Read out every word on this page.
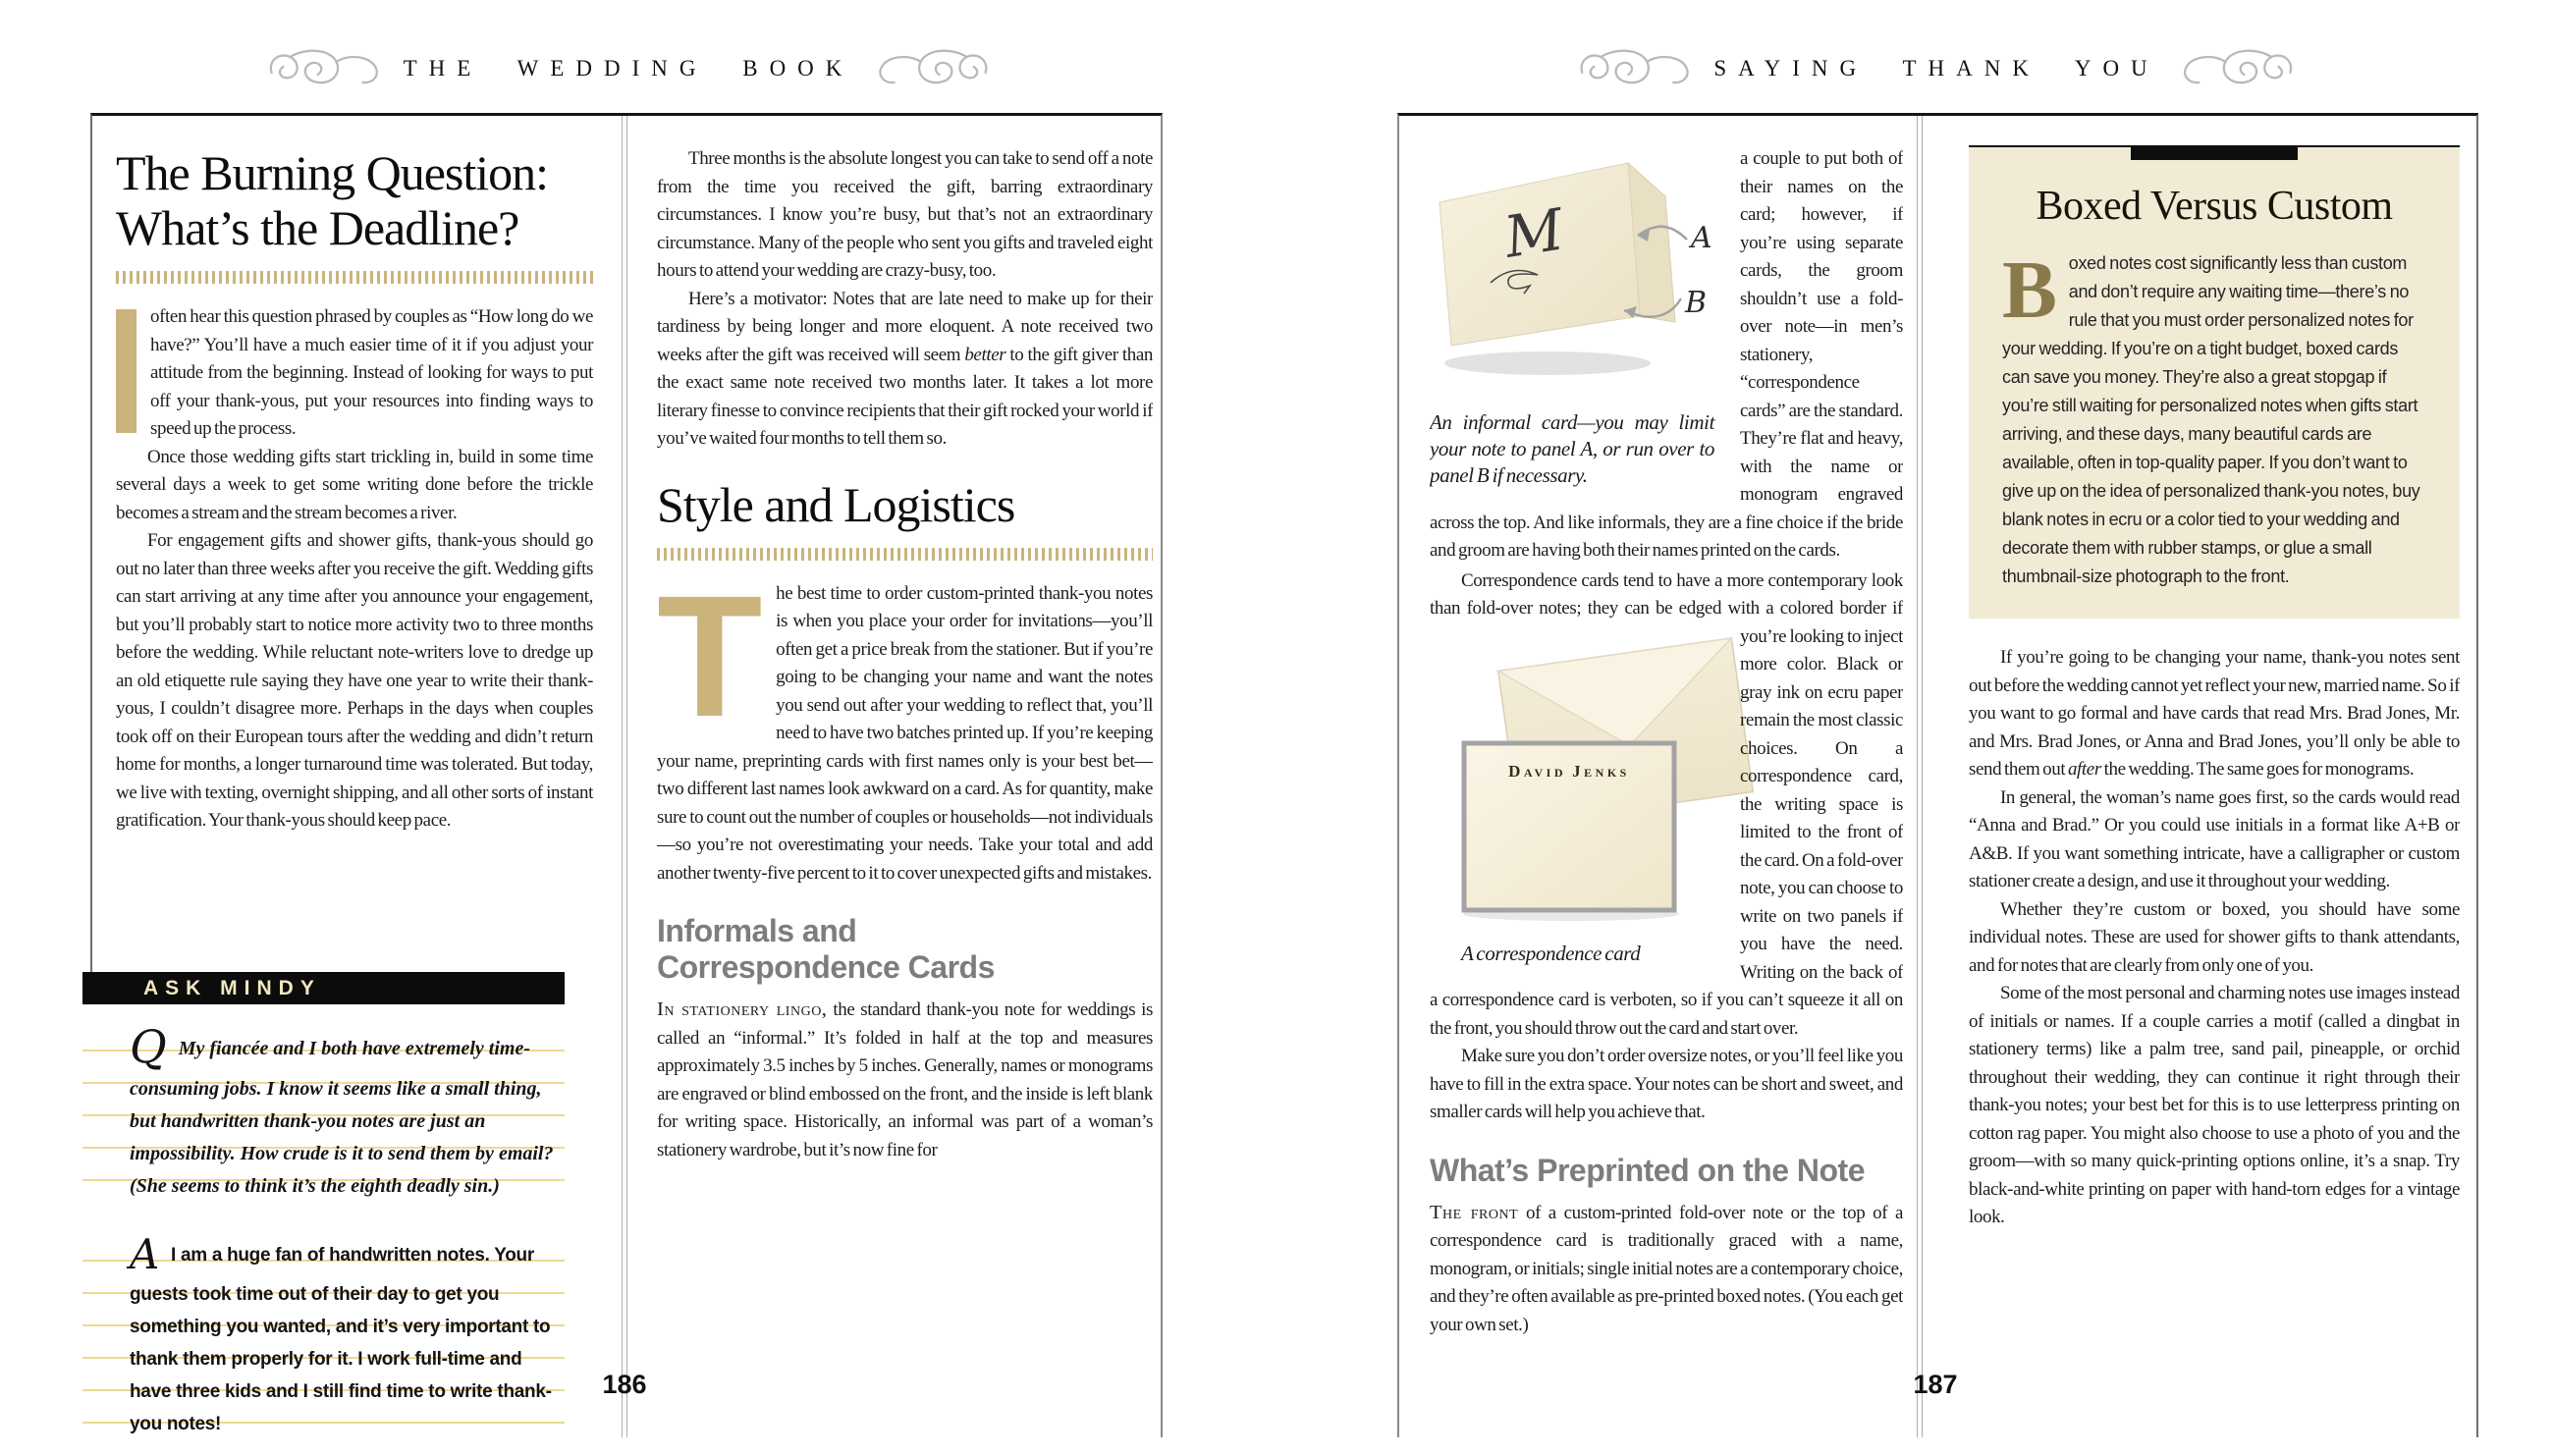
THE WEDDING BOOK	SAYING THANK YOU
The Burning Question:
What’s the Deadline?

often hear this question phrased by couples as “How long do we have?” You’ll have a much easier time of it if you adjust your attitude from the beginning. Instead of looking for ways to put off your thank-yous, put your resources into finding ways to speed up the process.

Once those wedding gifts start trickling in, build in some time several days a week to get some writing done before the trickle becomes a stream and the stream becomes a river.

For engagement gifts and shower gifts, thank-yous should go out no later than three weeks after you receive the gift. Wedding gifts can start arriving at any time after you announce your engagement, but you’ll probably start to notice more activity two to three months before the wedding. While reluctant note-writers love to dredge up an old etiquette rule saying they have one year to write their thank-yous, I couldn’t disagree more. Perhaps in the days when couples took off on their European tours after the wedding and didn’t return home for months, a longer turnaround time was tolerated. But today, we live with texting, overnight shipping, and all other sorts of instant gratification. Your thank-yous should keep pace.

ASK MINDY
Q My fiancée and I both have extremely time-consuming jobs. I know it seems like a small thing, but handwritten thank-you notes are just an impossibility. How crude is it to send them by email? (She seems to think it’s the eighth deadly sin.)
A I am a huge fan of handwritten notes. Your guests took time out of their day to get you something you wanted, and it’s very important to thank them properly for it. I work full-time and have three kids and I still find time to write thank-you notes!

Three months is the absolute longest you can take to send off a note from the time you received the gift, barring extraordinary circumstances. I know you’re busy, but that’s not an extraordinary circumstance. Many of the people who sent you gifts and traveled eight hours to attend your wedding are crazy-busy, too.

Here’s a motivator: Notes that are late need to make up for their tardiness by being longer and more eloquent. A note received two weeks after the gift was received will seem better to the gift giver than the exact same note received two months later. It takes a lot more literary finesse to convince recipients that their gift rocked your world if you’ve waited four months to tell them so.

Style and Logistics

The best time to order custom-printed thank-you notes is when you place your order for invitations—you’ll often get a price break from the stationer. But if you’re going to be changing your name and want the notes you send out after your wedding to reflect that, you’ll need to have two batches printed up. If you’re keeping your name, preprinting cards with first names only is your best bet—two different last names look awkward on a card. As for quantity, make sure to count out the number of couples or households—not individuals—so you’re not overestimating your needs. Take your total and add another twenty-five percent to it to cover unexpected gifts and mistakes.

Informals and
Correspondence Cards

In stationery lingo, the standard thank-you note for weddings is called an “informal.” It’s folded in half at the top and measures approximately 3.5 inches by 5 inches. Generally, names or monograms are engraved or blind embossed on the front, and the inside is left blank for writing space. Historically, an informal was part of a woman’s stationery wardrobe, but it’s now fine for

M	A
B
An informal card—you may limit your note to panel A, or run over to panel B if necessary.
a couple to put both of their names on the card; however, if you’re using separate cards, the groom shouldn’t use a fold-over note—in men’s stationery, “correspondence cards” are the standard. They’re flat and heavy, with the name or monogram engraved across the top. And like informals, they are a fine choice if the bride and groom are having both their names printed on the cards.

Correspondence cards tend to have a more contemporary look than fold-over notes; they can be edged with a
David Jenks
A correspondence card
colored border if you’re looking to inject more color. Black or gray ink on ecru paper remain the most classic choices. On a correspondence card, the writing space is limited to the front of the card. On a fold-over note, you can choose to write on two panels if you have the need. Writing on the back of a correspondence card is verboten, so if you can’t squeeze it all on the front, you should throw out the card and start over.

Make sure you don’t order oversize notes, or you’ll feel like you have to fill in the extra space. Your notes can be short and sweet, and smaller cards will help you achieve that.

What’s Preprinted on the Note

The front of a custom-printed fold-over note or the top of a correspondence card is traditionally graced with a name, monogram, or initials; single initial notes are a contemporary choice, and they’re often available as pre-printed boxed notes. (You each get your own set.)

Boxed Versus Custom
Boxed notes cost significantly less than custom and don’t require any waiting time—there’s no rule that you must order personalized notes for your wedding. If you’re on a tight budget, boxed cards can save you money. They’re also a great stopgap if you’re still waiting for personalized notes when gifts start arriving, and these days, many beautiful cards are available, often in top-quality paper. If you don’t want to give up on the idea of personalized thank-you notes, buy blank notes in ecru or a color tied to your wedding and decorate them with rubber stamps, or glue a small thumbnail-size photograph to the front.

If you’re going to be changing your name, thank-you notes sent out before the wedding cannot yet reflect your new, married name. So if you want to go formal and have cards that read Mrs. Brad Jones, Mr. and Mrs. Brad Jones, or Anna and Brad Jones, you’ll only be able to send them out after the wedding. The same goes for monograms.

In general, the woman’s name goes first, so the cards would read “Anna and Brad.” Or you could use initials in a format like A+B or A&B. If you want something intricate, have a calligrapher or custom stationer create a design, and use it throughout your wedding.

Whether they’re custom or boxed, you should have some individual notes. These are used for shower gifts to thank attendants, and for notes that are clearly from only one of you.

Some of the most personal and charming notes use images instead of initials or names. If a couple carries a motif (called a dingbat in stationery terms) like a palm tree, sand pail, pineapple, or orchid throughout their wedding, they can continue it right through their thank-you notes; your best bet for this is to use letterpress printing on cotton rag paper. You might also choose to use a photo of you and the groom—with so many quick-printing options online, it’s a snap. Try black-and-white printing on paper with hand-torn edges for a vintage look.

186	187
